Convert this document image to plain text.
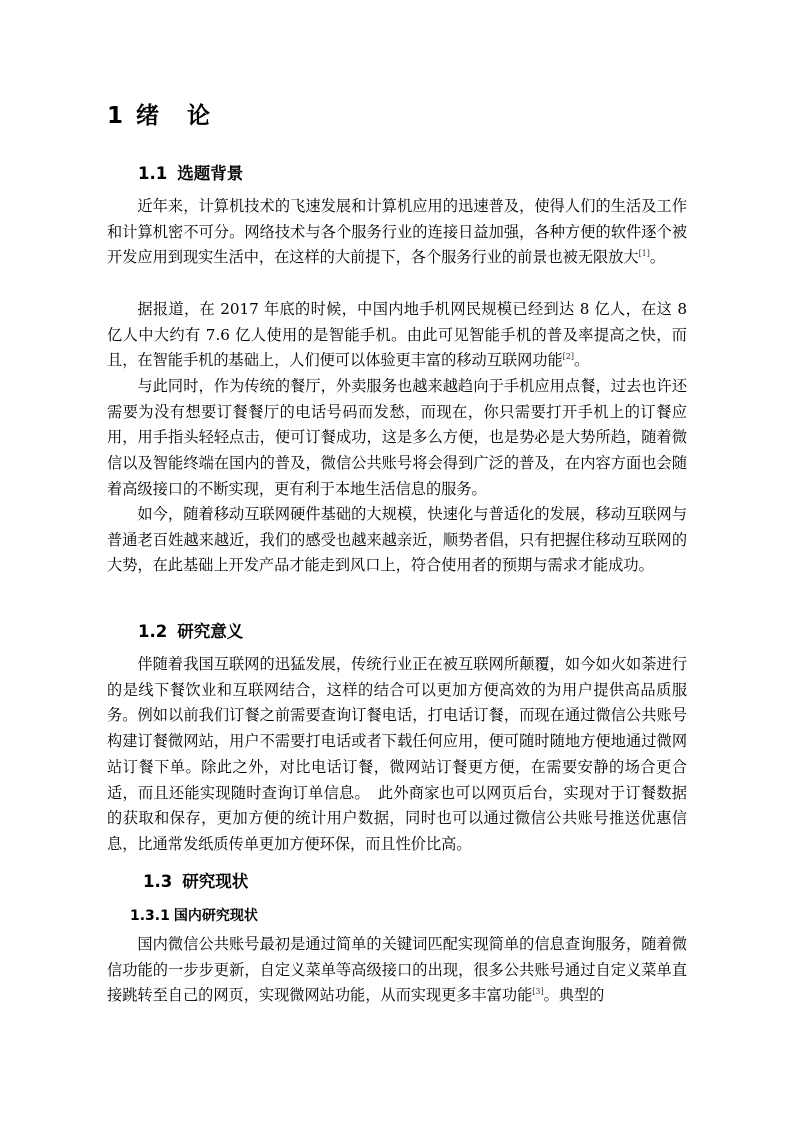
1 绪 论
1.1 选题背景

近年来，计算机技术的飞速发展和计算机应用的迅速普及，使得人们的生活及工作和计算机密不可分。网络技术与各个服务行业的连接日益加强，各种方便的软件逐个被开发应用到现实生活中，在这样的大前提下，各个服务行业的前景也被无限放大[1]。

据报道，在 2017 年底的时候，中国内地手机网民规模已经到达 8 亿人，在这 8 亿人中大约有 7.6 亿人使用的是智能手机。由此可见智能手机的普及率提高之快，而且，在智能手机的基础上，人们便可以体验更丰富的移动互联网功能[2]。

与此同时，作为传统的餐厅，外卖服务也越来越趋向于手机应用点餐，过去也许还需要为没有想要订餐餐厅的电话号码而发愁，而现在，你只需要打开手机上的订餐应用，用手指头轻轻点击，便可订餐成功，这是多么方便，也是势必是大势所趋，随着微信以及智能终端在国内的普及，微信公共账号将会得到广泛的普及，在内容方面也会随着高级接口的不断实现，更有利于本地生活信息的服务。

如今，随着移动互联网硬件基础的大规模，快速化与普适化的发展，移动互联网与普通老百姓越来越近，我们的感受也越来越亲近，顺势者倡，只有把握住移动互联网的大势，在此基础上开发产品才能走到风口上，符合使用者的预期与需求才能成功。

1.2 研究意义

伴随着我国互联网的迅猛发展，传统行业正在被互联网所颠覆，如今如火如荼进行的是线下餐饮业和互联网结合，这样的结合可以更加方便高效的为用户提供高品质服务。例如以前我们订餐之前需要查询订餐电话，打电话订餐，而现在通过微信公共账号构建订餐微网站，用户不需要打电话或者下载任何应用，便可随时随地方便地通过微网站订餐下单。除此之外，对比电话订餐，微网站订餐更方便，在需要安静的场合更合适，而且还能实现随时查询订单信息。　此外商家也可以网页后台，实现对于订餐数据的获取和保存，更加方便的统计用户数据，同时也可以通过微信公共账号推送优惠信息，比通常发纸质传单更加方便环保，而且性价比高。

1.3 研究现状
1.3.1 国内研究现状

国内微信公共账号最初是通过简单的关键词匹配实现简单的信息查询服务，随着微信功能的一步步更新，自定义菜单等高级接口的出现，很多公共账号通过自定义菜单直接跳转至自己的网页，实现微网站功能，从而实现更多丰富功能[3]。典型的
